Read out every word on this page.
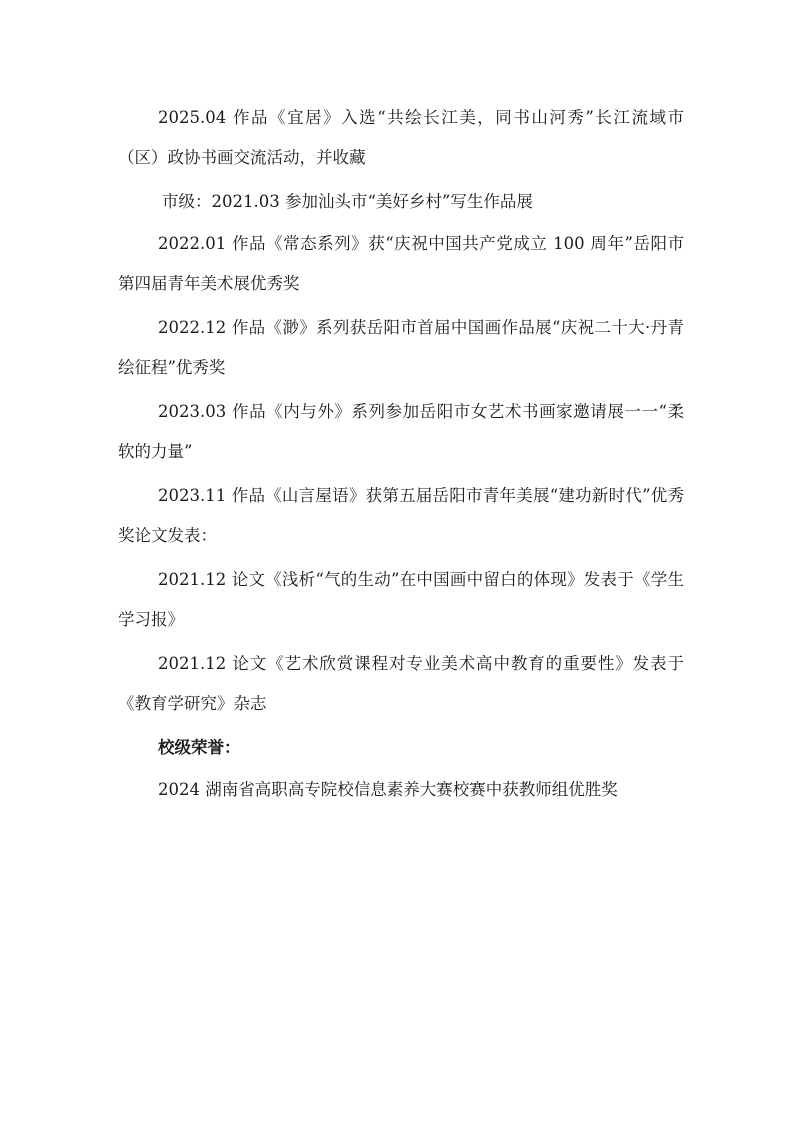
2025.04 作品《宜居》入选“共绘长江美，同书山河秀”长江流域市（区）政协书画交流活动，并收藏

市级：2021.03 参加汕头市“美好乡村”写生作品展

2022.01 作品《常态系列》获“庆祝中国共产党成立 100 周年”岳阳市第四届青年美术展优秀奖

2022.12 作品《渺》系列获岳阳市首届中国画作品展“庆祝二十大·丹青绘征程”优秀奖

2023.03 作品《内与外》系列参加岳阳市女艺术书画家邀请展一一“柔软的力量”

2023.11 作品《山言屋语》获第五届岳阳市青年美展“建功新时代”优秀奖论文发表：

2021.12 论文《浅析“气的生动”在中国画中留白的体现》发表于《学生学习报》

2021.12 论文《艺术欣赏课程对专业美术高中教育的重要性》发表于《教育学研究》杂志

校级荣誉：

2024 湖南省高职高专院校信息素养大赛校赛中获教师组优胜奖
